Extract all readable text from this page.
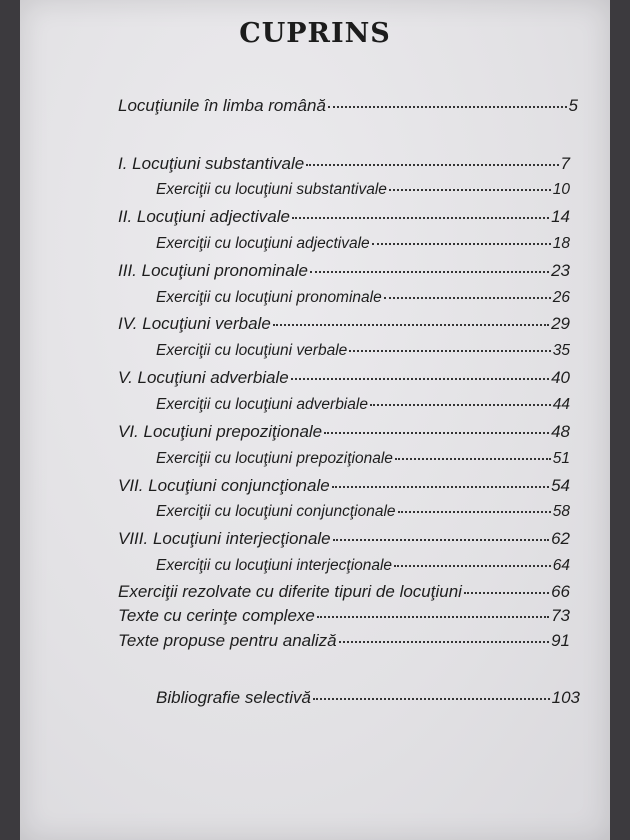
CUPRINS
Locuţiunile în limba română	5
I. Locuţiuni substantivale	7
Exerciţii cu locuţiuni substantivale	10
II. Locuţiuni adjectivale	14
Exerciţii cu locuţiuni adjectivale	18
III. Locuţiuni pronominale	23
Exerciţii cu locuţiuni pronominale	26
IV. Locuţiuni verbale	29
Exerciţii cu locuţiuni verbale	35
V. Locuţiuni adverbiale	40
Exerciţii cu locuţiuni adverbiale	44
VI. Locuţiuni prepoziţionale	48
Exerciţii cu locuţiuni prepoziţionale	51
VII. Locuţiuni conjuncţionale	54
Exerciţii cu locuţiuni conjuncţionale	58
VIII. Locuţiuni interjecţionale	62
Exerciţii cu locuţiuni interjecţionale	64
Exerciţii rezolvate cu diferite tipuri de locuţiuni	66
Texte cu cerinţe complexe	73
Texte propuse pentru analiză	91
Bibliografie selectivă	103
